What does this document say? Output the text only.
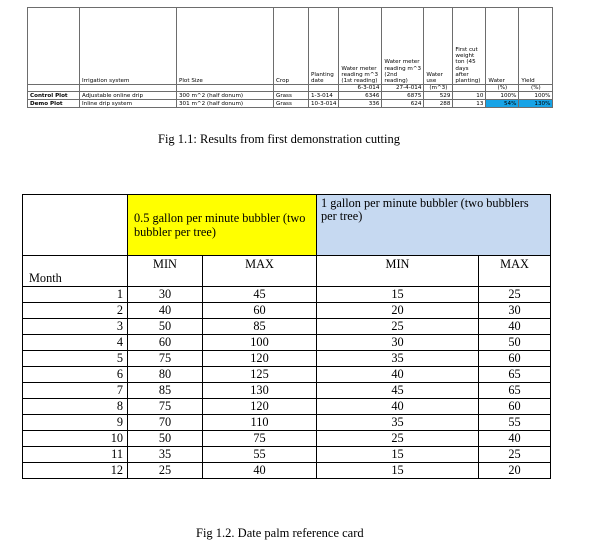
	Irrigation system	Plot Size	Crop	Planting date	Water meter reading m^3 (1st reading)	Water meter reading m^3 (2nd reading)	Water use	First cut weight ton (45 days after planting)	Water	Yield
					6-3-014	27-4-014	(m^3)		(%)	(%)
Control Plot	Adjustable online drip	300 m^2 (half donum)	Grass	1-3-014	6346	6875	529	10	100%	100%
Demo Plot	Inline drip system	301 m^2 (half donum)	Grass	10-3-014	336	624	288	13	54%	130%
Fig 1.1: Results from first demonstration cutting
	0.5 gallon per minute bubbler (two bubbler per tree)		1 gallon per minute bubbler (two bubblers per tree)	
Month	MIN	MAX	MIN	MAX
1	30	45	15	25
2	40	60	20	30
3	50	85	25	40
4	60	100	30	50
5	75	120	35	60
6	80	125	40	65
7	85	130	45	65
8	75	120	40	60
9	70	110	35	55
10	50	75	25	40
11	35	55	15	25
12	25	40	15	20
Fig 1.2. Date palm reference card
